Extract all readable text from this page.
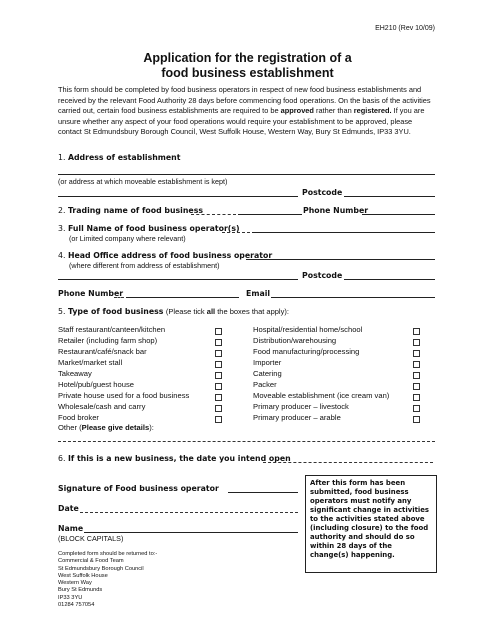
EH210 (Rev 10/09)
Application for the registration of a
food business establishment
This form should be completed by food business operators in respect of new food business establishments and received by the relevant Food Authority 28 days before commencing food operations. On the basis of the activities carried out, certain food business establishments are required to be approved rather than registered. If you are unsure whether any aspect of your food operations would require your establishment to be approved, please contact St Edmundsbury Borough Council, West Suffolk House, Western Way, Bury St Edmunds, IP33 3YU.
1. Address of establishment
(or address at which moveable establishment is kept)
Postcode
2. Trading name of food business	Phone Number
3. Full Name of food business operator(s)
(or Limited company where relevant)
4. Head Office address of food business operator
(where different from address of establishment)
Postcode
Phone Number	Email
5. Type of food business (Please tick all the boxes that apply):
Staff restaurant/canteen/kitchen
Retailer (including farm shop)
Restaurant/café/snack bar
Market/market stall
Takeaway
Hotel/pub/guest house
Private house used for a food business
Wholesale/cash and carry
Food broker
Hospital/residential home/school
Distribution/warehousing
Food manufacturing/processing
Importer
Catering
Packer
Moveable establishment (ice cream van)
Primary producer – livestock
Primary producer – arable
Other (Please give details):
6. If this is a new business, the date you intend open
Signature of Food business operator
Date
Name
(BLOCK CAPITALS)
After this form has been submitted, food business operators must notify any significant change in activities to the activities stated above (including closure) to the food authority and should do so within 28 days of the change(s) happening.
Completed form should be returned to:-
Commercial & Food Team
St Edmundsbury Borough Council
West Suffolk House
Western Way
Bury St Edmunds
IP33 3YU
01284 757054
